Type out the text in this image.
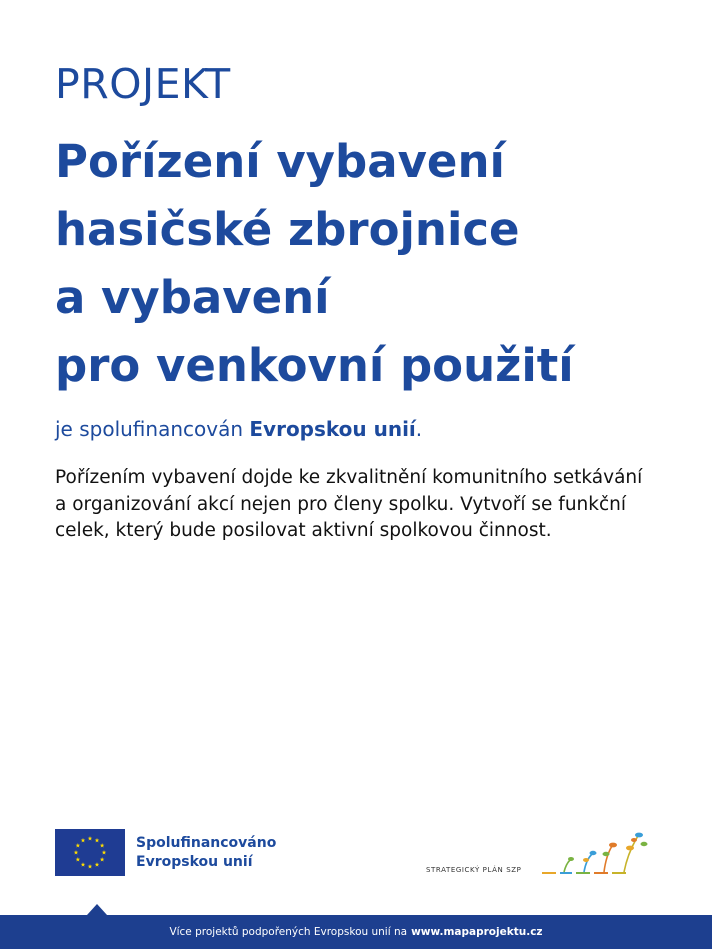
PROJEKT
Pořízení vybavení
hasičské zbrojnice
a vybavení
pro venkovní použití
je spolufinancován Evropskou unií.
Pořízením vybavení dojde ke zkvalitnění komunitního setkávání
a organizování akcí nejen pro členy spolku. Vytvoří se funkční
celek, který bude posilovat aktivní spolkovou činnost.
Spolufinancováno
Evropskou unií
STRATEGICKÝ PLÁN SZP
Více projektů podpořených Evropskou unií na www.mapaprojektu.cz
